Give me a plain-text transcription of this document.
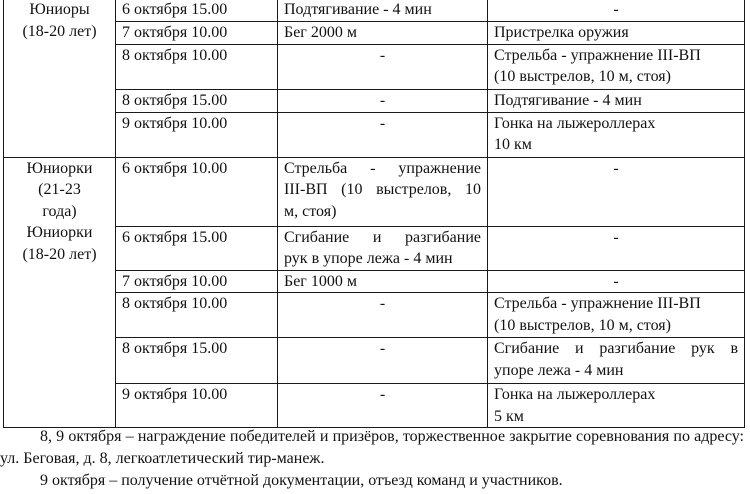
Юниоры
(18-20 лет)	6 октября 15.00	Подтягивание - 4 мин	-

	7 октября 10.00	Бег 2000 м	Пристрелка оружия

	8 октября 10.00	-	Стрельба - упражнение III-ВП
(10 выстрелов, 10 м, стоя)

	8 октября 15.00	-	Подтягивание - 4 мин

	9 октября 10.00	-	Гонка на лыжероллерах
10 км

Юниорки
(21-23
года)
Юниорки
(18-20 лет)	6 октября 10.00	Стрельба - упражнение
III-ВП (10 выстрелов, 10
м, стоя)	-

	6 октября 15.00	Сгибание и разгибание
рук в упоре лежа - 4 мин	-

	7 октября 10.00	Бег 1000 м	-

	8 октября 10.00	-	Стрельба - упражнение III-ВП
(10 выстрелов, 10 м, стоя)

	8 октября 15.00	-	Сгибание и разгибание рук в
упоре лежа - 4 мин

	9 октября 10.00	-	Гонка на лыжероллерах
5 км

8, 9 октября – награждение победителей и призёров, торжественное закрытие соревнования по адресу: ул. Беговая, д. 8, легкоатлетический тир-манеж.

9 октября – получение отчётной документации, отъезд команд и участников.
